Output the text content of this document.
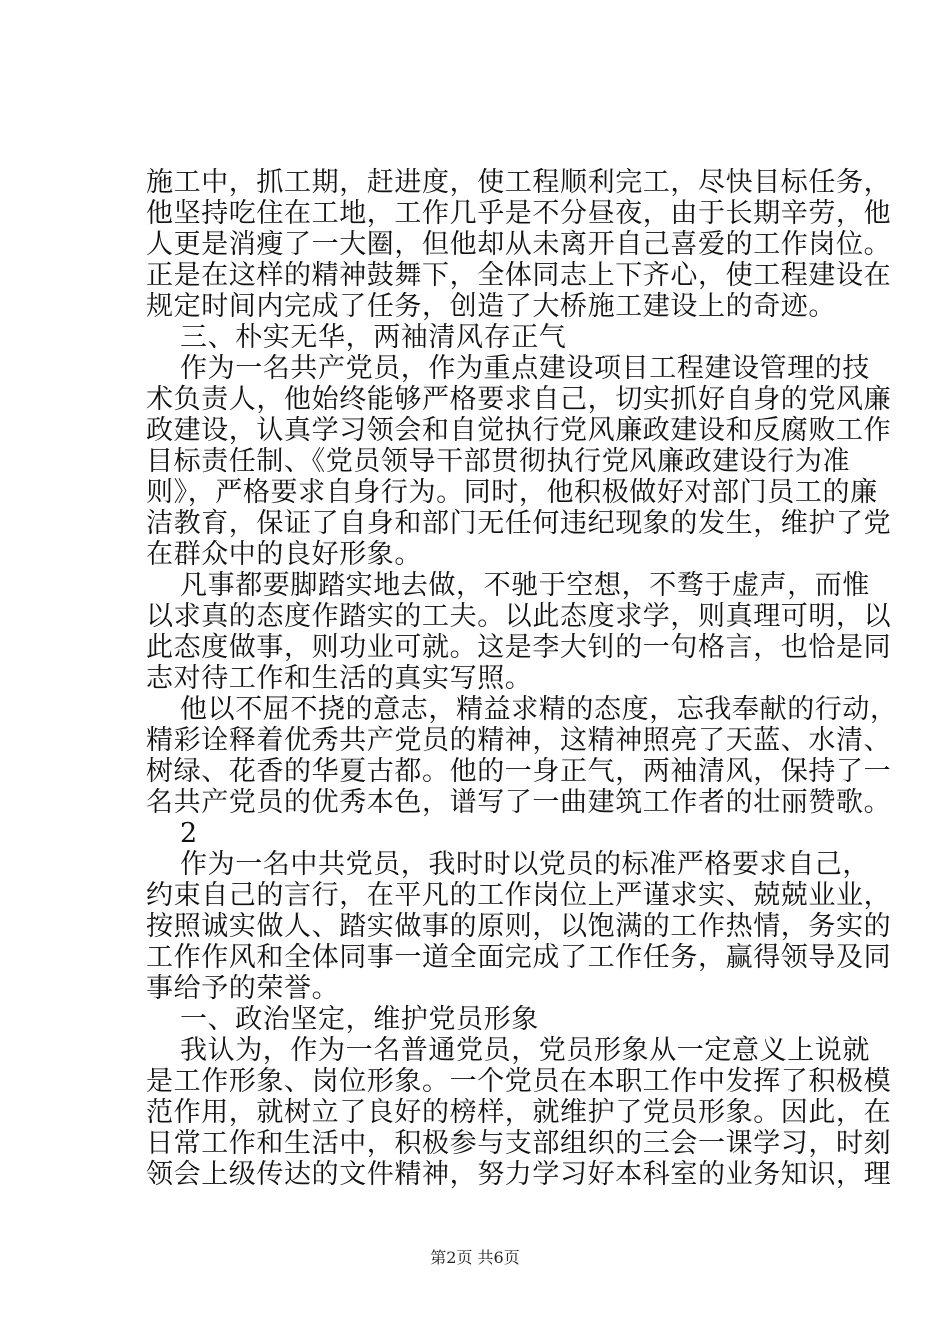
施工中，抓工期，赶进度，使工程顺利完工，尽快目标任务，
他坚持吃住在工地，工作几乎是不分昼夜，由于长期辛劳，他
人更是消瘦了一大圈，但他却从未离开自己喜爱的工作岗位。
正是在这样的精神鼓舞下，全体同志上下齐心，使工程建设在
规定时间内完成了任务，创造了大桥施工建设上的奇迹。
三、朴实无华，两袖清风存正气
作为一名共产党员，作为重点建设项目工程建设管理的技
术负责人，他始终能够严格要求自己，切实抓好自身的党风廉
政建设，认真学习领会和自觉执行党风廉政建设和反腐败工作
目标责任制、《党员领导干部贯彻执行党风廉政建设行为准
则》，严格要求自身行为。同时，他积极做好对部门员工的廉
洁教育，保证了自身和部门无任何违纪现象的发生，维护了党
在群众中的良好形象。
凡事都要脚踏实地去做，不驰于空想，不骛于虚声，而惟
以求真的态度作踏实的工夫。以此态度求学，则真理可明，以
此态度做事，则功业可就。这是李大钊的一句格言，也恰是同
志对待工作和生活的真实写照。
他以不屈不挠的意志，精益求精的态度，忘我奉献的行动，
精彩诠释着优秀共产党员的精神，这精神照亮了天蓝、水清、
树绿、花香的华夏古都。他的一身正气，两袖清风，保持了一
名共产党员的优秀本色，谱写了一曲建筑工作者的壮丽赞歌。
2
作为一名中共党员，我时时以党员的标准严格要求自己，
约束自己的言行，在平凡的工作岗位上严谨求实、兢兢业业，
按照诚实做人、踏实做事的原则，以饱满的工作热情，务实的
工作作风和全体同事一道全面完成了工作任务，赢得领导及同
事给予的荣誉。
一、政治坚定，维护党员形象
我认为，作为一名普通党员，党员形象从一定意义上说就
是工作形象、岗位形象。一个党员在本职工作中发挥了积极模
范作用，就树立了良好的榜样，就维护了党员形象。因此，在
日常工作和生活中，积极参与支部组织的三会一课学习，时刻
领会上级传达的文件精神，努力学习好本科室的业务知识，理
第2页 共6页
